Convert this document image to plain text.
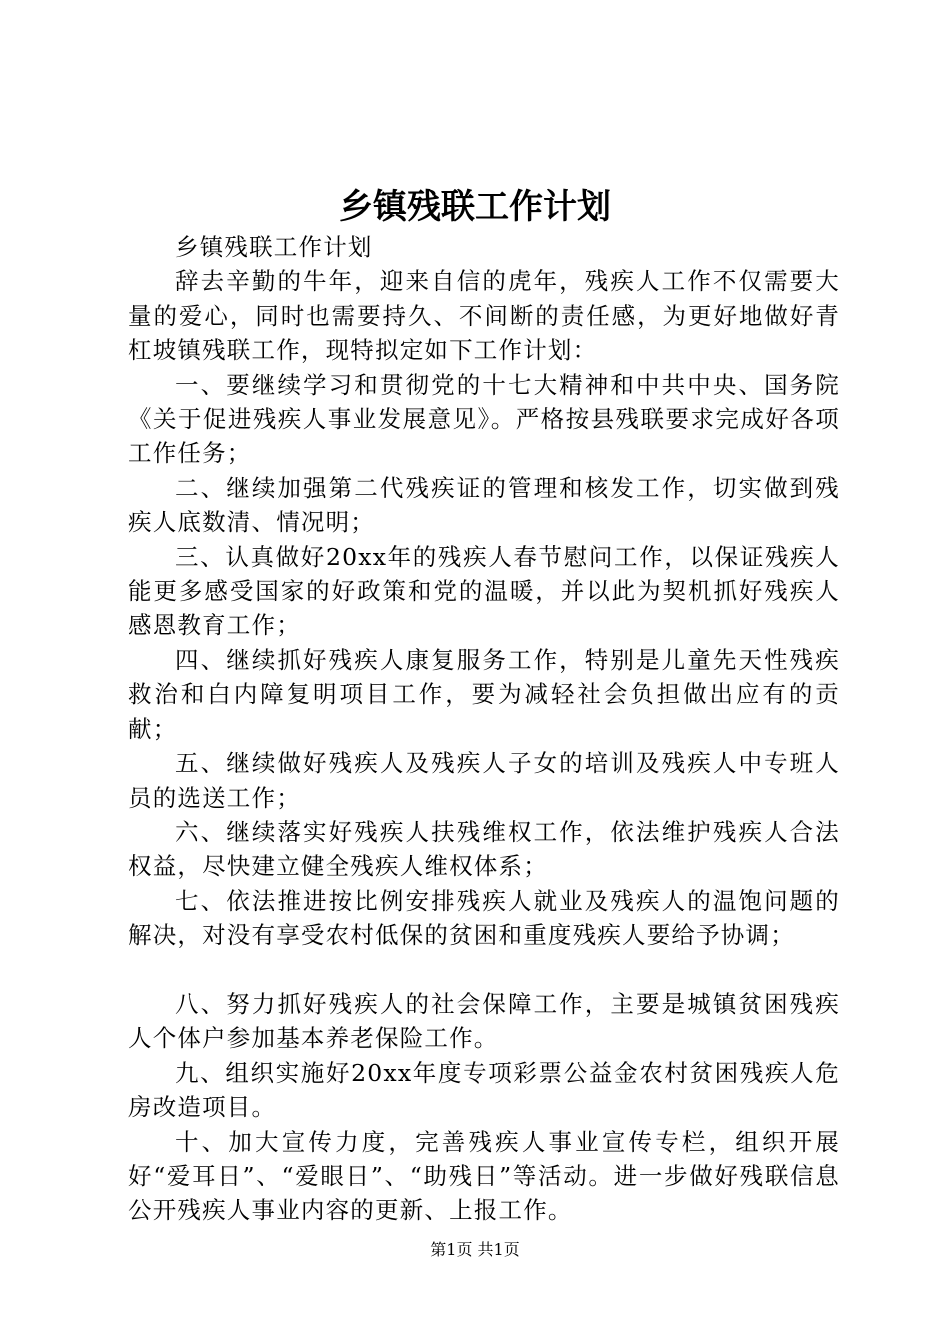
乡镇残联工作计划

乡镇残联工作计划

辞去辛勤的牛年，迎来自信的虎年，残疾人工作不仅需要大量的爱心，同时也需要持久、不间断的责任感，为更好地做好青杠坡镇残联工作，现特拟定如下工作计划：

一、要继续学习和贯彻党的十七大精神和中共中央、国务院《关于促进残疾人事业发展意见》。严格按县残联要求完成好各项工作任务；

二、继续加强第二代残疾证的管理和核发工作，切实做到残疾人底数清、情况明；

三、认真做好20xx年的残疾人春节慰问工作，以保证残疾人能更多感受国家的好政策和党的温暖，并以此为契机抓好残疾人感恩教育工作；

四、继续抓好残疾人康复服务工作，特别是儿童先天性残疾救治和白内障复明项目工作，要为减轻社会负担做出应有的贡献；

五、继续做好残疾人及残疾人子女的培训及残疾人中专班人员的选送工作；

六、继续落实好残疾人扶残维权工作，依法维护残疾人合法权益，尽快建立健全残疾人维权体系；

七、依法推进按比例安排残疾人就业及残疾人的温饱问题的解决，对没有享受农村低保的贫困和重度残疾人要给予协调；

八、努力抓好残疾人的社会保障工作，主要是城镇贫困残疾人个体户参加基本养老保险工作。

九、组织实施好20xx年度专项彩票公益金农村贫困残疾人危房改造项目。

十、加大宣传力度，完善残疾人事业宣传专栏，组织开展好“爱耳日”、“爱眼日”、“助残日”等活动。进一步做好残联信息公开残疾人事业内容的更新、上报工作。

第1页 共1页
